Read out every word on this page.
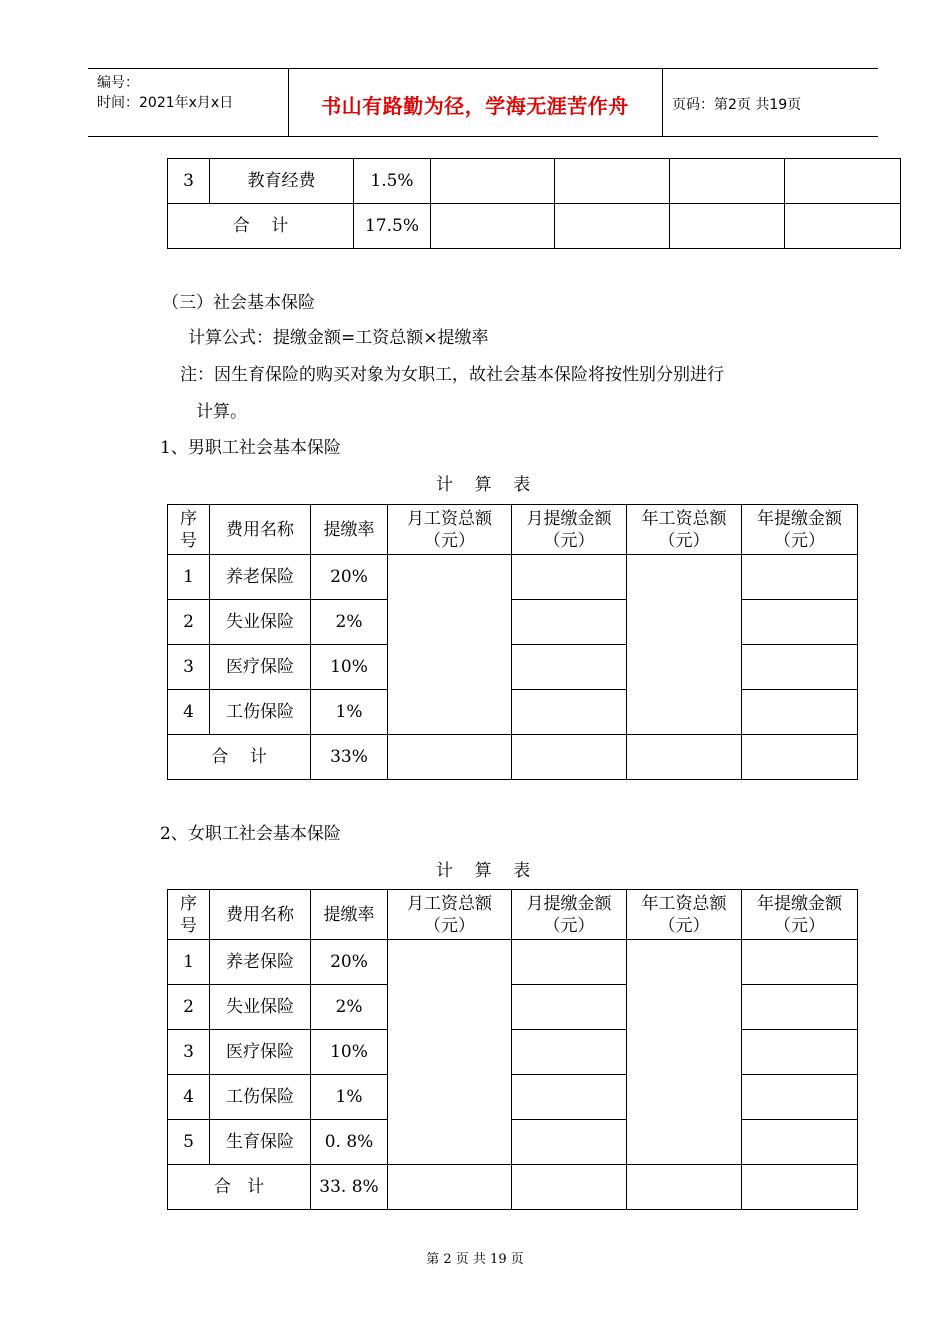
编号：
时间：2021年x月x日	书山有路勤为径，学海无涯苦作舟	页码：第2页 共19页
3	教育经费	1.5%				
合    计		17.5%				
（三）社会基本保险
计算公式：提缴金额=工资总额×提缴率
注：因生育保险的购买对象为女职工，故社会基本保险将按性别分别进行
计算。
1、男职工社会基本保险
计    算    表
序号	费用名称	提缴率	月工资总额（元）	月提缴金额（元）	年工资总额（元）	年提缴金额（元）
1	养老保险	20%				
2	失业保险	2%				
3	医疗保险	10%				
4	工伤保险	1%				
合    计		33%				
2、女职工社会基本保险
计    算    表
序号	费用名称	提缴率	月工资总额（元）	月提缴金额（元）	年工资总额（元）	年提缴金额（元）
1	养老保险	20%				
2	失业保险	2%				
3	医疗保险	10%				
4	工伤保险	1%				
5	生育保险	0. 8%				
合   计		33. 8%				
第 2 页 共 19 页
